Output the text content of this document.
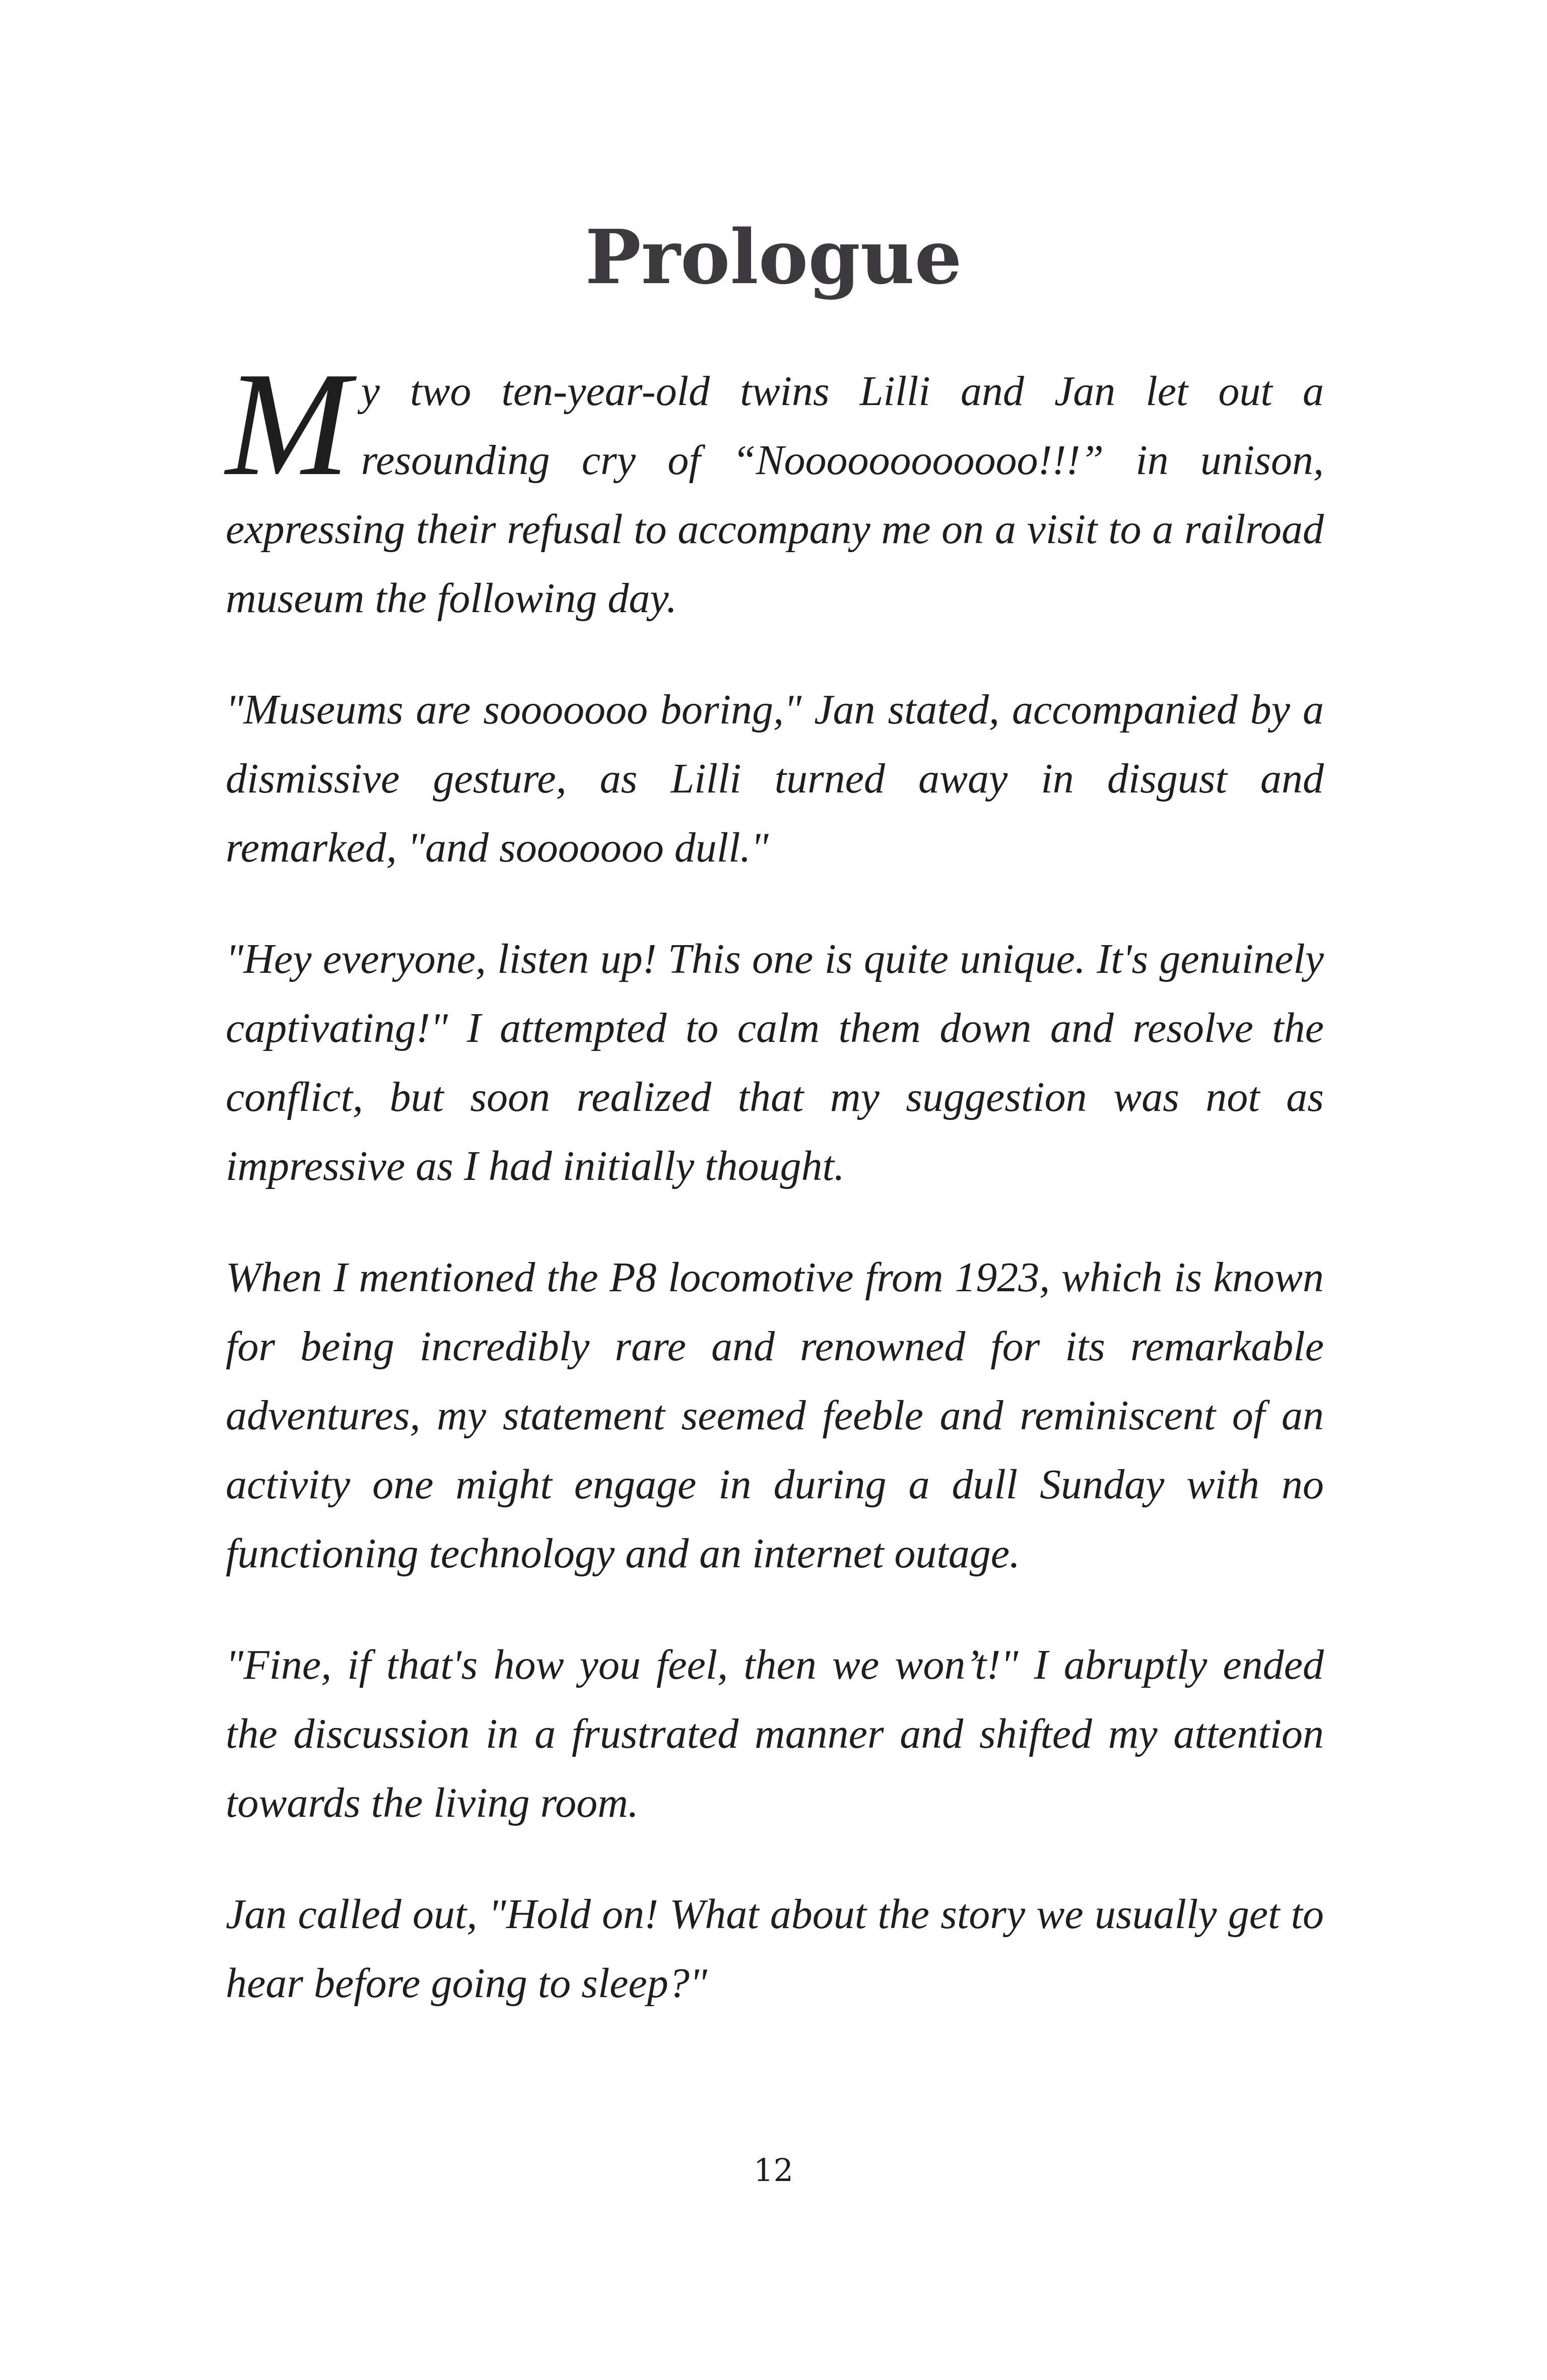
Prologue

My two ten-year-old twins Lilli and Jan let out a resounding cry of “Noooooooooooo!!!” in unison, expressing their refusal to accompany me on a visit to a railroad museum the following day.

"Museums are sooooooo boring," Jan stated, accompanied by a dismissive gesture, as Lilli turned away in disgust and remarked, "and sooooooo dull."

"Hey everyone, listen up! This one is quite unique. It's genuinely captivating!" I attempted to calm them down and resolve the conflict, but soon realized that my suggestion was not as impressive as I had initially thought.

When I mentioned the P8 locomotive from 1923, which is known for being incredibly rare and renowned for its remarkable adventures, my statement seemed feeble and reminiscent of an activity one might engage in during a dull Sunday with no functioning technology and an internet outage.

"Fine, if that's how you feel, then we won’t!" I abruptly ended the discussion in a frustrated manner and shifted my attention towards the living room.

Jan called out, "Hold on! What about the story we usually get to hear before going to sleep?"

12
